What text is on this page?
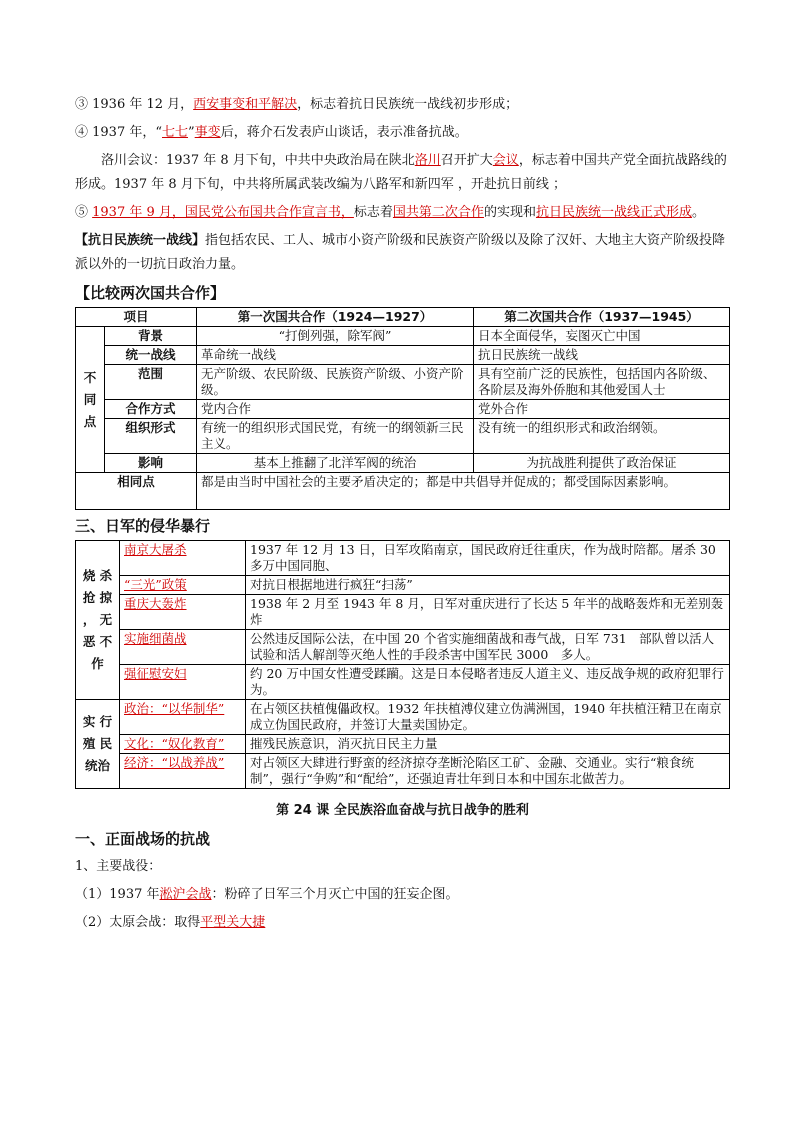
③ 1936 年 12 月，西安事变和平解决，标志着抗日民族统一战线初步形成；

④ 1937 年，“七七”事变后，蒋介石发表庐山谈话，表示准备抗战。

洛川会议：1937 年 8 月下旬，中共中央政治局在陕北洛川召开扩大会议，标志着中国共产党全面抗战路线的形成。1937 年 8 月下旬，中共将所属武装改编为八路军和新四军 ，开赴抗日前线 ；

⑤ 1937 年 9 月，国民党公布国共合作宣言书，标志着国共第二次合作的实现和抗日民族统一战线正式形成。

【抗日民族统一战线】指包括农民、工人、城市小资产阶级和民族资产阶级以及除了汉奸、大地主大资产阶级投降派以外的一切抗日政治力量。

【比较两次国共合作】

项目		第一次国共合作（1924—1927）	第二次国共合作（1937—1945）
不同点	背景	“打倒列强，除军阀”	日本全面侵华，妄图灭亡中国
	统一战线	革命统一战线	抗日民族统一战线
	范围	无产阶级、农民阶级、民族资产阶级、小资产阶级。	具有空前广泛的民族性，包括国内各阶级、各阶层及海外侨胞和其他爱国人士
	合作方式	党内合作	党外合作
	组织形式	有统一的组织形式国民党，有统一的纲领新三民主义。	没有统一的组织形式和政治纲领。
	影响	基本上推翻了北洋军阀的统治	为抗战胜利提供了政治保证
相同点		都是由当时中国社会的主要矛盾决定的；都是中共倡导并促成的；都受国际因素影响。	

三、日军的侵华暴行

烧 杀 抢 掠 ， 无 恶 不作	南京大屠杀	1937 年 12 月 13 日，日军攻陷南京，国民政府迁往重庆，作为战时陪都。屠杀 30 多万中国同胞、
	“三光”政策	对抗日根据地进行疯狂“扫荡”
	重庆大轰炸	1938 年 2 月至 1943 年 8 月，日军对重庆进行了长达 5 年半的战略轰炸和无差别轰炸
	实施细菌战	公然违反国际公法，在中国 20 个省实施细菌战和毒气战，日军 731　部队曾以活人试验和活人解剖等灭绝人性的手段杀害中国军民 3000　多人。
	强征慰安妇	约 20 万中国女性遭受蹂躏。这是日本侵略者违反人道主义、违反战争规的政府犯罪行为。
实 行 殖 民 统治	政治：“以华制华”	在占领区扶植傀儡政权。1932 年扶植溥仪建立伪满洲国，1940 年扶植汪精卫在南京成立伪国民政府，并签订大量卖国协定。
	文化：“奴化教育”	摧残民族意识，消灭抗日民主力量
	经济：“以战养战”	对占领区大肆进行野蛮的经济掠夺垄断沦陷区工矿、金融、交通业。实行“粮食统制”，强行“争购”和“配给”，还强迫青壮年到日本和中国东北做苦力。

第 24 课 全民族浴血奋战与抗日战争的胜利

一、正面战场的抗战

1、主要战役：

（1）1937 年淞沪会战：粉碎了日军三个月灭亡中国的狂妄企图。

（2）太原会战：取得平型关大捷
